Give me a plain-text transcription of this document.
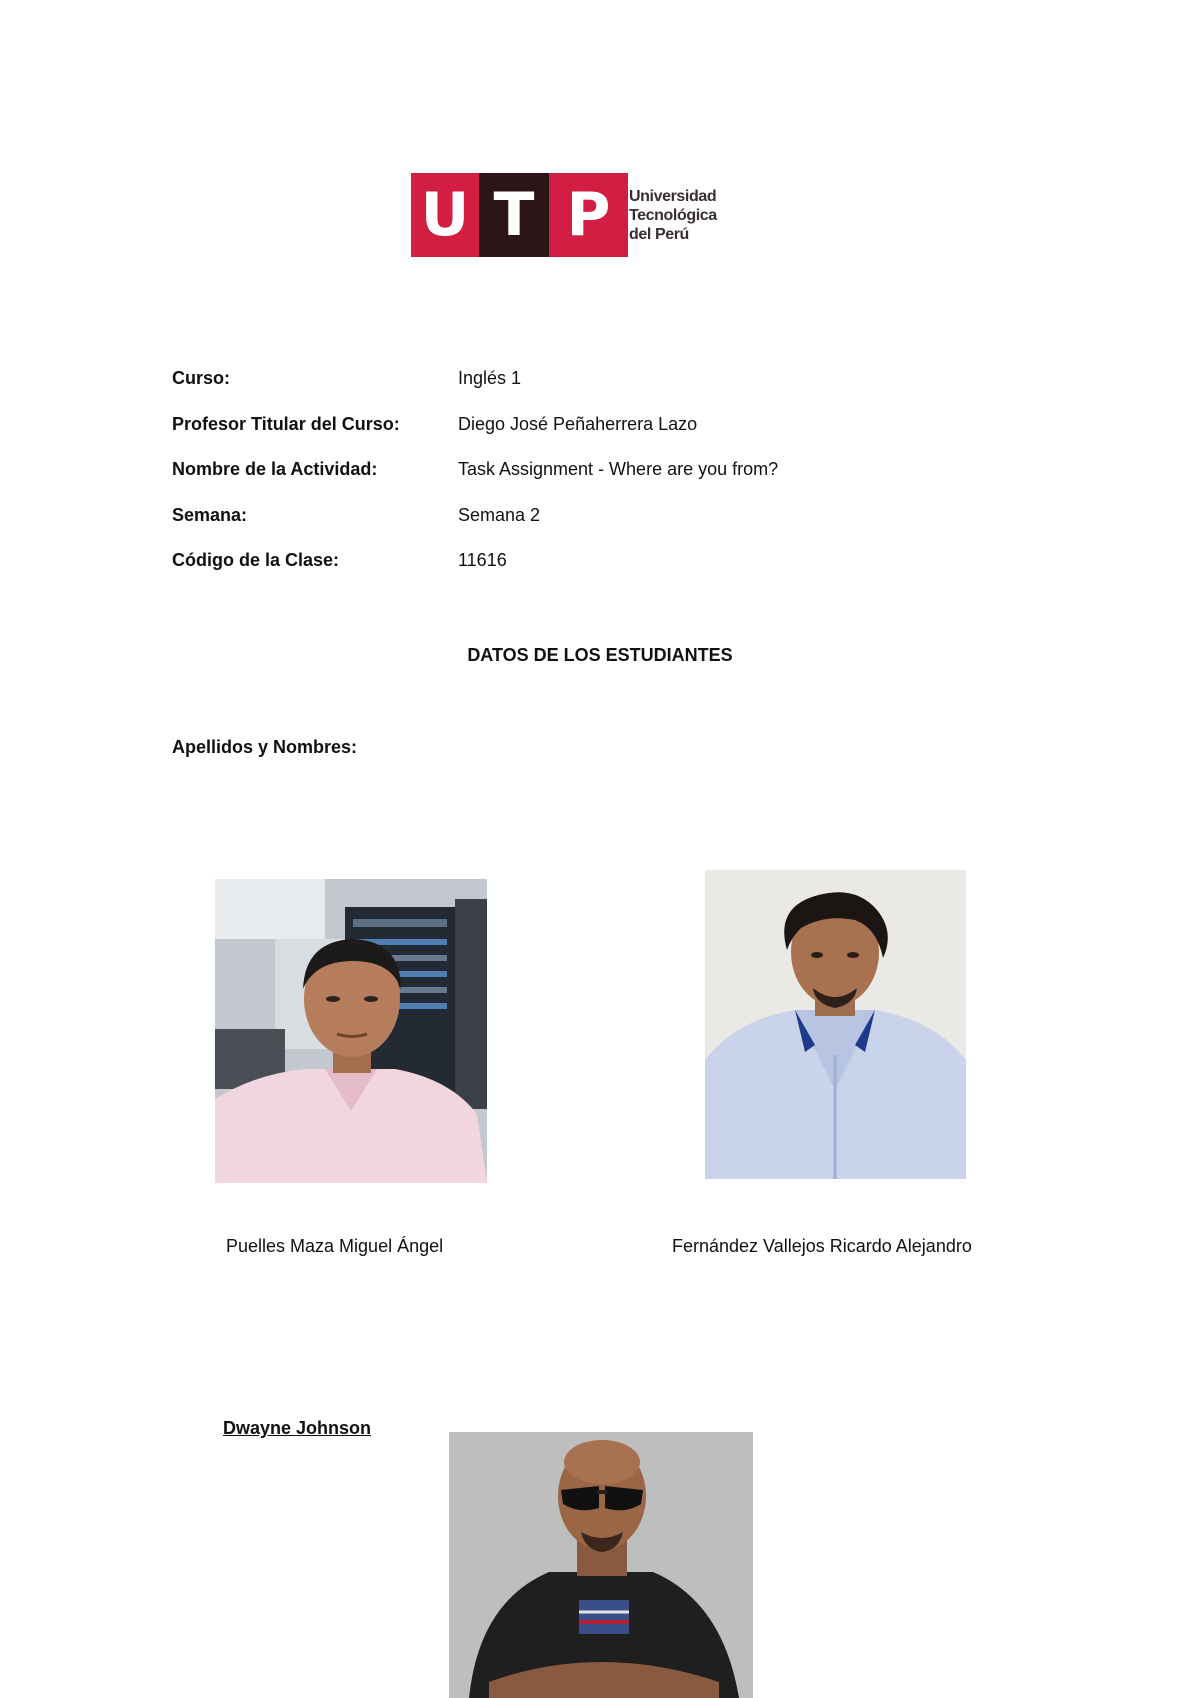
U T P	Universidad
Tecnológica
del Perú
Curso:	Inglés 1
Profesor Titular del Curso:	Diego José Peñaherrera Lazo
Nombre de la Actividad:	Task Assignment - Where are you from?
Semana:	Semana 2
Código de la Clase:	11616
DATOS DE LOS ESTUDIANTES
Apellidos y Nombres:
Puelles Maza Miguel Ángel	Fernández Vallejos Ricardo Alejandro
Dwayne Johnson
